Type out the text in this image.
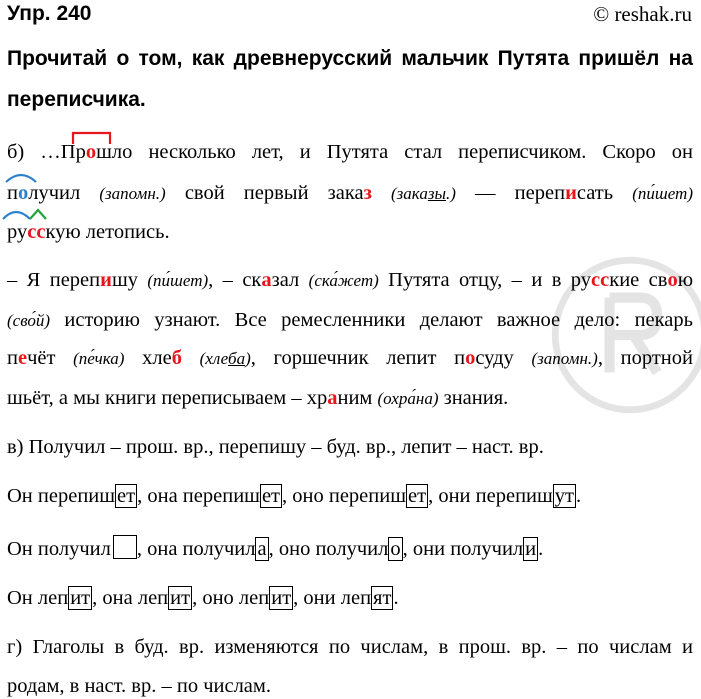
Упр. 240	© reshak.ru
Прочитай о том, как древнерусский мальчик Путята пришёл на
переписчика.
б) …Пр
ошло несколько лет, и Путята стал переписчиком. Скоро он
получил (запомн.) свой первый заказ (заказы.) — переписать (пи́шет)
русскую летопись.
– Я перепишу (пи́шет), – сказал (ска́жет) Путята отцу, – и в русские свою
(сво́й) историю узнают. Все ремесленники делают важное дело: пекарь
печёт (пе́чка) хлеб (хлеба), горшечник лепит посуду (запомн.), портной
шьёт, а мы книги переписываем – храним (охра́на) знания.
в) Получил – прош. вр., перепишу – буд. вр., лепит – наст. вр.
Он перепишет, она перепишет, оно перепишет, они перепишут.
Он получил , она получила, оно получило, они получили.
Он лепит, она лепит, оно лепит, они лепят.
г) Глаголы в буд. вр. изменяются по числам, в прош. вр. – по числам и
родам, в наст. вр. – по числам.
